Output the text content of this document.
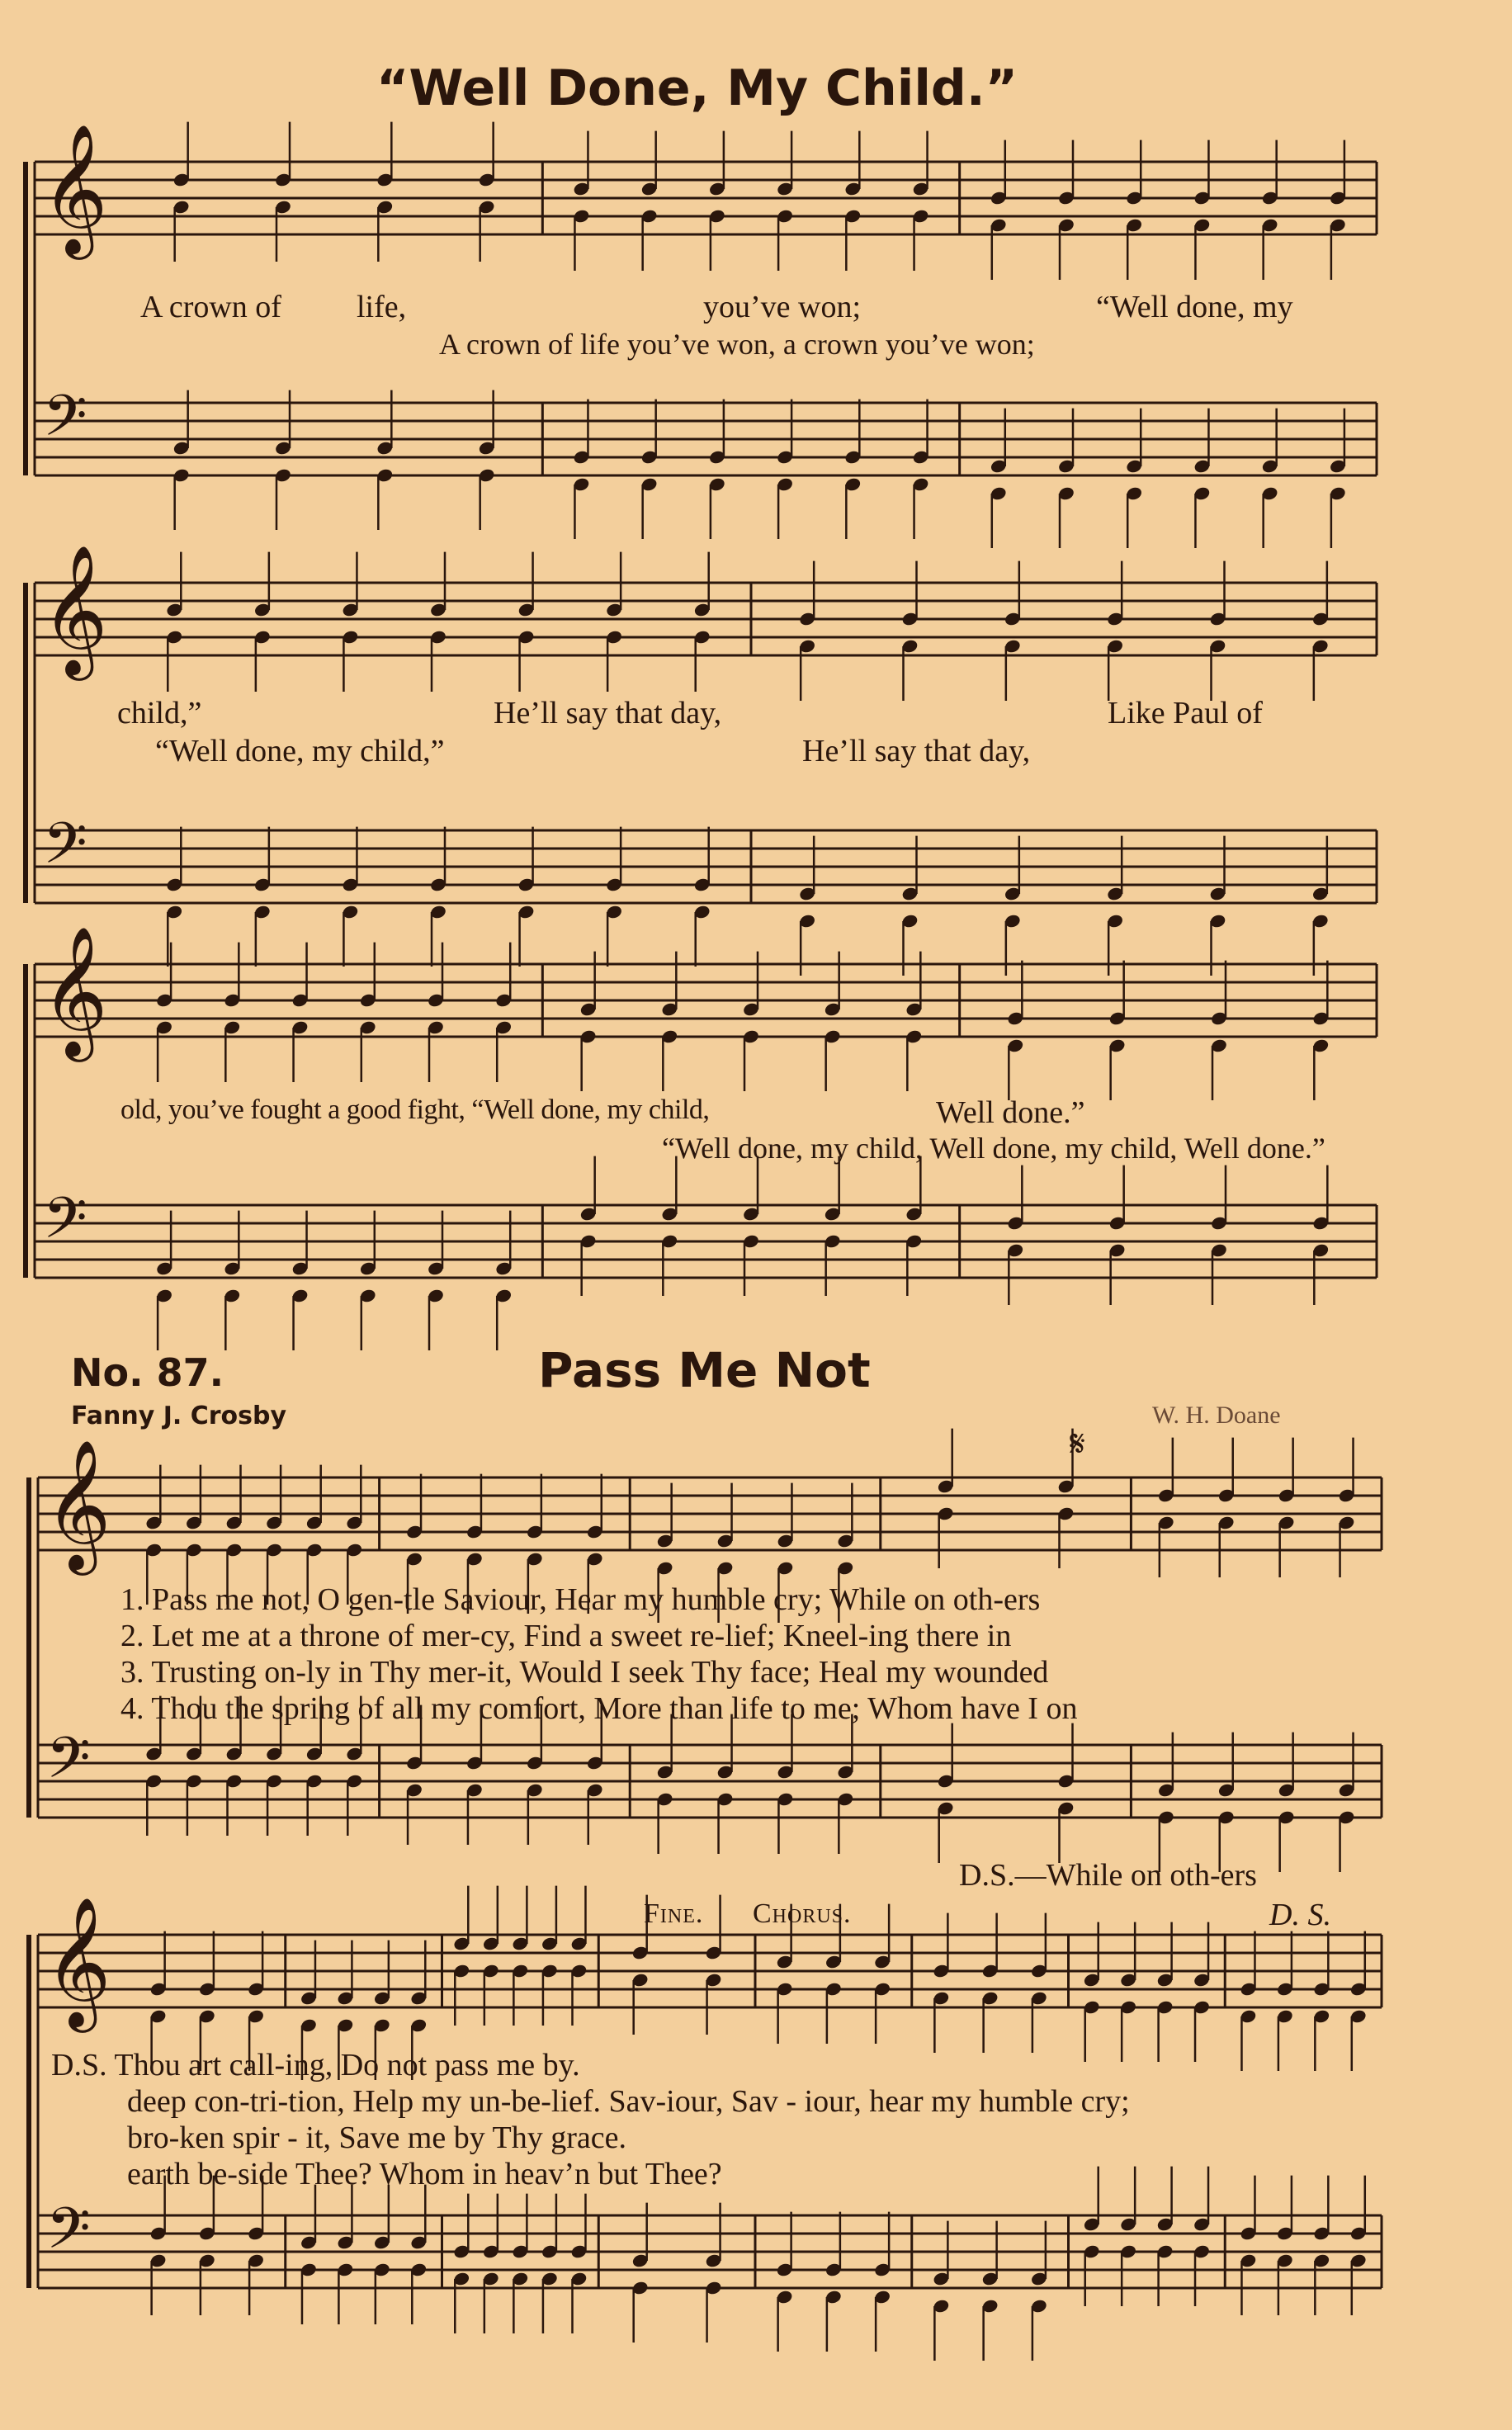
𝄞
𝄢
𝄞
𝄢
𝄞
𝄢
𝄞
𝄢
𝄞
𝄢
“Well Done, My Child.”
A crown of life,	you’ve won;	“Well done, my
A crown of life you’ve won, a crown you’ve won;
child,”	He’ll say that day,	Like Paul of
“Well done, my child,”	He’ll say that day,
old, you’ve fought a good fight, “Well done, my child,	Well done.”
“Well done, my child, Well done, my child, Well done.”
No. 87.	Pass Me Not
Fanny J. Crosby	W. H. Doane
1. Pass me not, O gen-tle Saviour, Hear my humble cry; While on oth-ers
2. Let me at a throne of mer-cy, Find a sweet re-lief; Kneel-ing there in
3. Trusting on-ly in Thy mer-it, Would I seek Thy face; Heal my wounded
4. Thou the spring of all my comfort, More than life to me; Whom have I on
D.S.—While on oth-ers
Fine. Chorus.	D. S.
𝄋
D.S. Thou art call-ing, Do not pass me by.
deep con-tri-tion, Help my un-be-lief. Sav-iour, Sav - iour, hear my humble cry;
bro-ken spir - it, Save me by Thy grace.
earth be-side Thee? Whom in heav’n but Thee?
